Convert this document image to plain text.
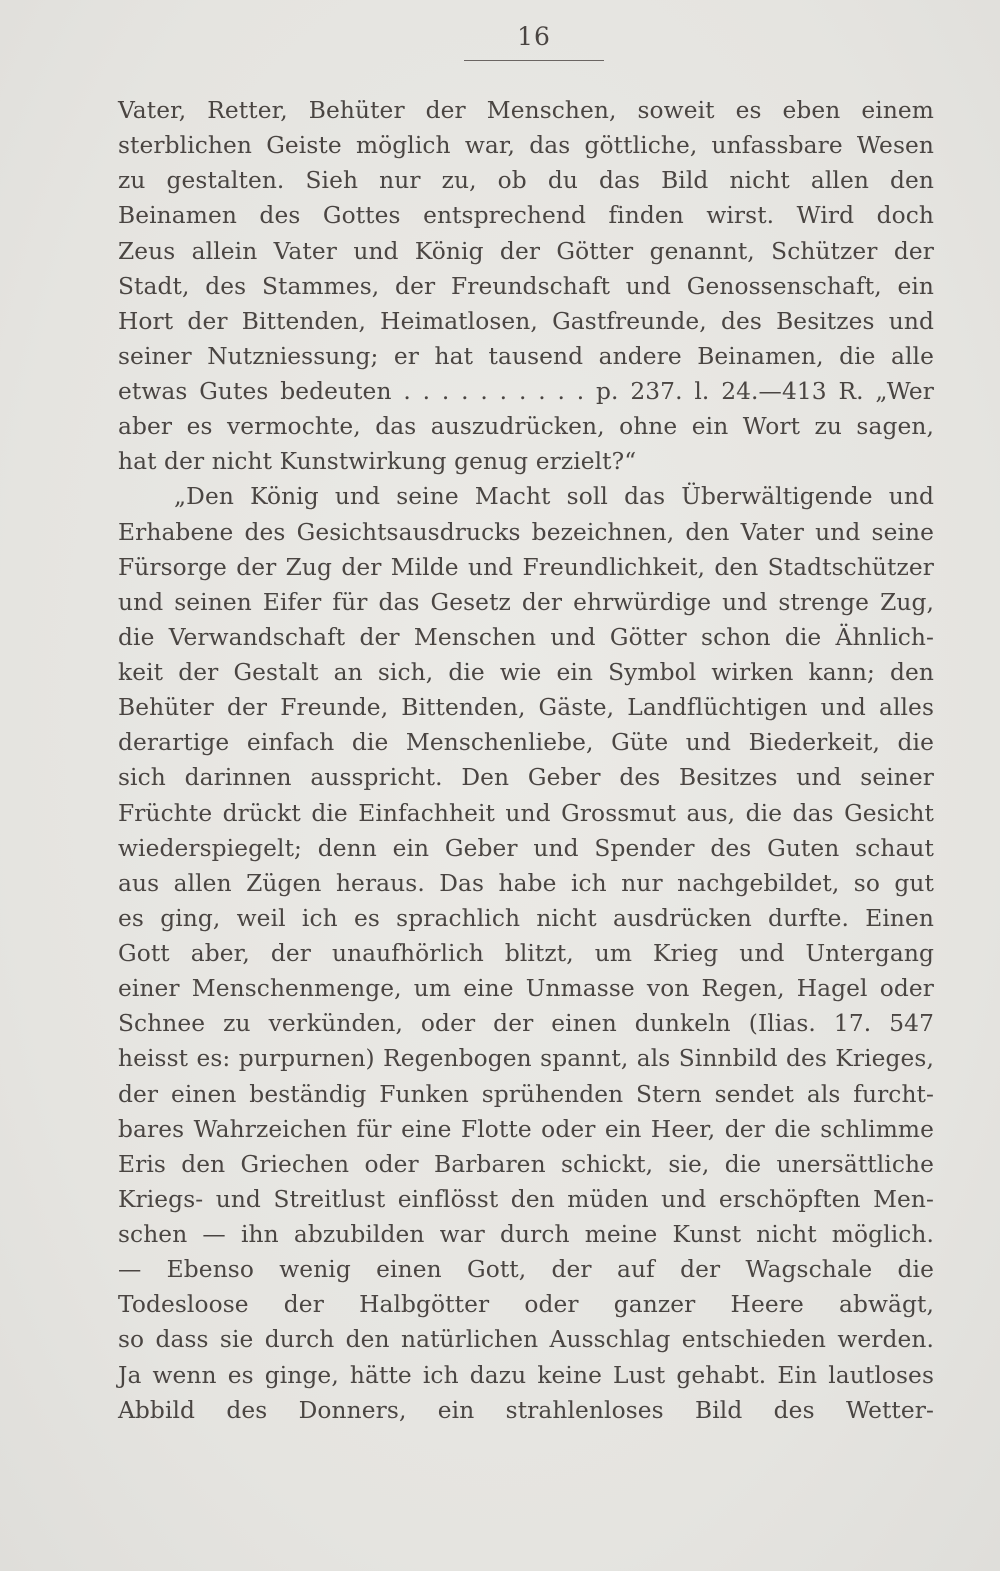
16
Vater, Retter, Behüter der Menschen, soweit es eben einem
sterblichen Geiste möglich war, das göttliche, unfassbare Wesen
zu gestalten. Sieh nur zu, ob du das Bild nicht allen den
Beinamen des Gottes entsprechend finden wirst. Wird doch
Zeus allein Vater und König der Götter genannt, Schützer der
Stadt, des Stammes, der Freundschaft und Genossenschaft, ein
Hort der Bittenden, Heimatlosen, Gastfreunde, des Besitzes und
seiner Nutzniessung; er hat tausend andere Beinamen, die alle
etwas Gutes bedeuten . . . . . . . . . . p. 237. l. 24.—413 R. „Wer
aber es vermochte, das auszudrücken, ohne ein Wort zu sagen,
hat der nicht Kunstwirkung genug erzielt?“
„Den König und seine Macht soll das Überwältigende und
Erhabene des Gesichtsausdrucks bezeichnen, den Vater und seine
Fürsorge der Zug der Milde und Freundlichkeit, den Stadtschützer
und seinen Eifer für das Gesetz der ehrwürdige und strenge Zug,
die Verwandschaft der Menschen und Götter schon die Ähnlich-
keit der Gestalt an sich, die wie ein Symbol wirken kann; den
Behüter der Freunde, Bittenden, Gäste, Landflüchtigen und alles
derartige einfach die Menschenliebe, Güte und Biederkeit, die
sich darinnen ausspricht. Den Geber des Besitzes und seiner
Früchte drückt die Einfachheit und Grossmut aus, die das Gesicht
wiederspiegelt; denn ein Geber und Spender des Guten schaut
aus allen Zügen heraus. Das habe ich nur nachgebildet, so gut
es ging, weil ich es sprachlich nicht ausdrücken durfte. Einen
Gott aber, der unaufhörlich blitzt, um Krieg und Untergang
einer Menschenmenge, um eine Unmasse von Regen, Hagel oder
Schnee zu verkünden, oder der einen dunkeln (Ilias. 17. 547
heisst es: purpurnen) Regenbogen spannt, als Sinnbild des Krieges,
der einen beständig Funken sprühenden Stern sendet als furcht-
bares Wahrzeichen für eine Flotte oder ein Heer, der die schlimme
Eris den Griechen oder Barbaren schickt, sie, die unersättliche
Kriegs- und Streitlust einflösst den müden und erschöpften Men-
schen — ihn abzubilden war durch meine Kunst nicht möglich.
— Ebenso wenig einen Gott, der auf der Wagschale die
Todesloose der Halbgötter oder ganzer Heere abwägt,
so dass sie durch den natürlichen Ausschlag entschieden werden.
Ja wenn es ginge, hätte ich dazu keine Lust gehabt. Ein lautloses
Abbild des Donners, ein strahlenloses Bild des Wetter-
